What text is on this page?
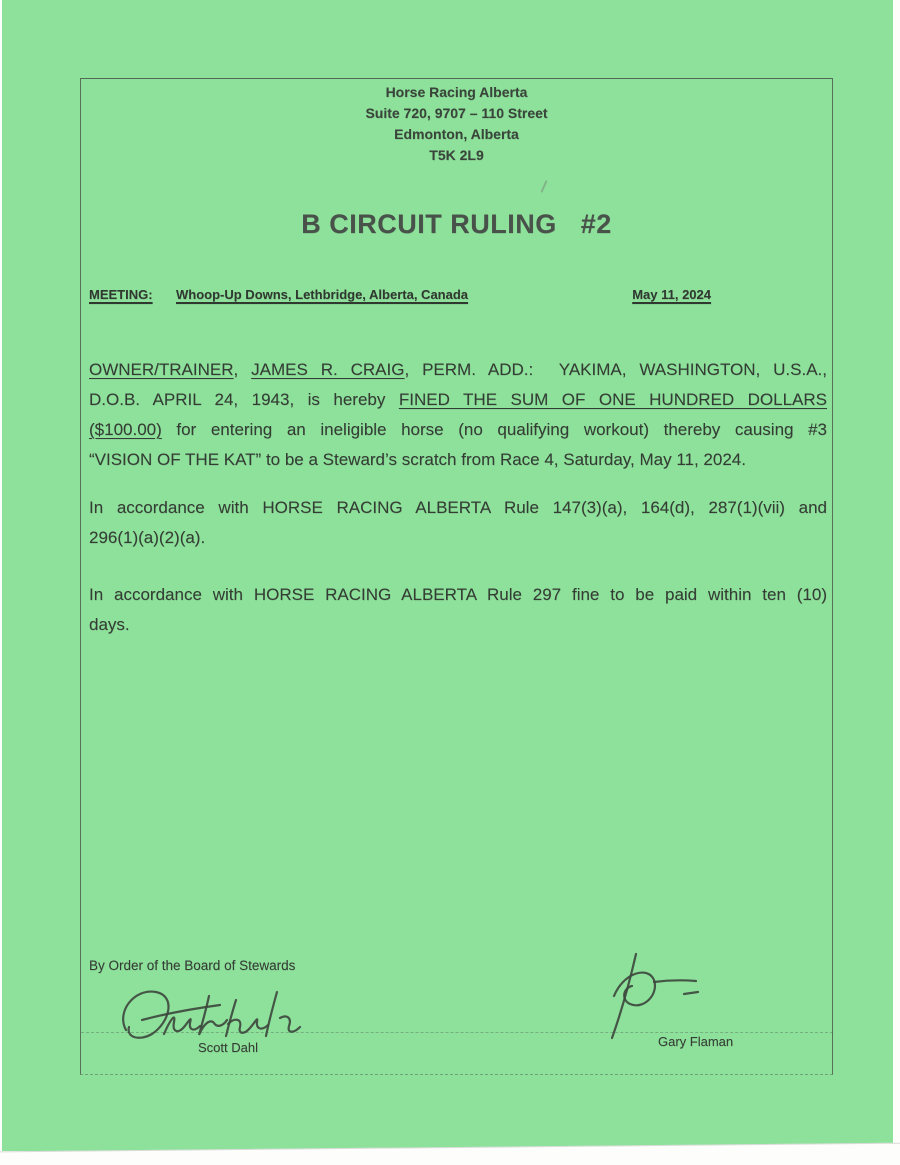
Horse Racing Alberta
Suite 720, 9707 – 110 Street
Edmonton, Alberta
T5K 2L9
B CIRCUIT RULING   #2
MEETING:	Whoop-Up Downs, Lethbridge, Alberta, Canada	May 11, 2024
OWNER/TRAINER, JAMES R. CRAIG, PERM. ADD.:  YAKIMA, WASHINGTON, U.S.A.,
D.O.B. APRIL 24, 1943, is hereby FINED THE SUM OF ONE HUNDRED DOLLARS
($100.00) for entering an ineligible horse (no qualifying workout) thereby causing #3
“VISION OF THE KAT” to be a Steward’s scratch from Race 4, Saturday, May 11, 2024.
In accordance with HORSE RACING ALBERTA Rule 147(3)(a), 164(d), 287(1)(vii) and
296(1)(a)(2)(a).
In accordance with HORSE RACING ALBERTA Rule 297 fine to be paid within ten (10)
days.
By Order of the Board of Stewards
Scott Dahl	Gary Flaman
